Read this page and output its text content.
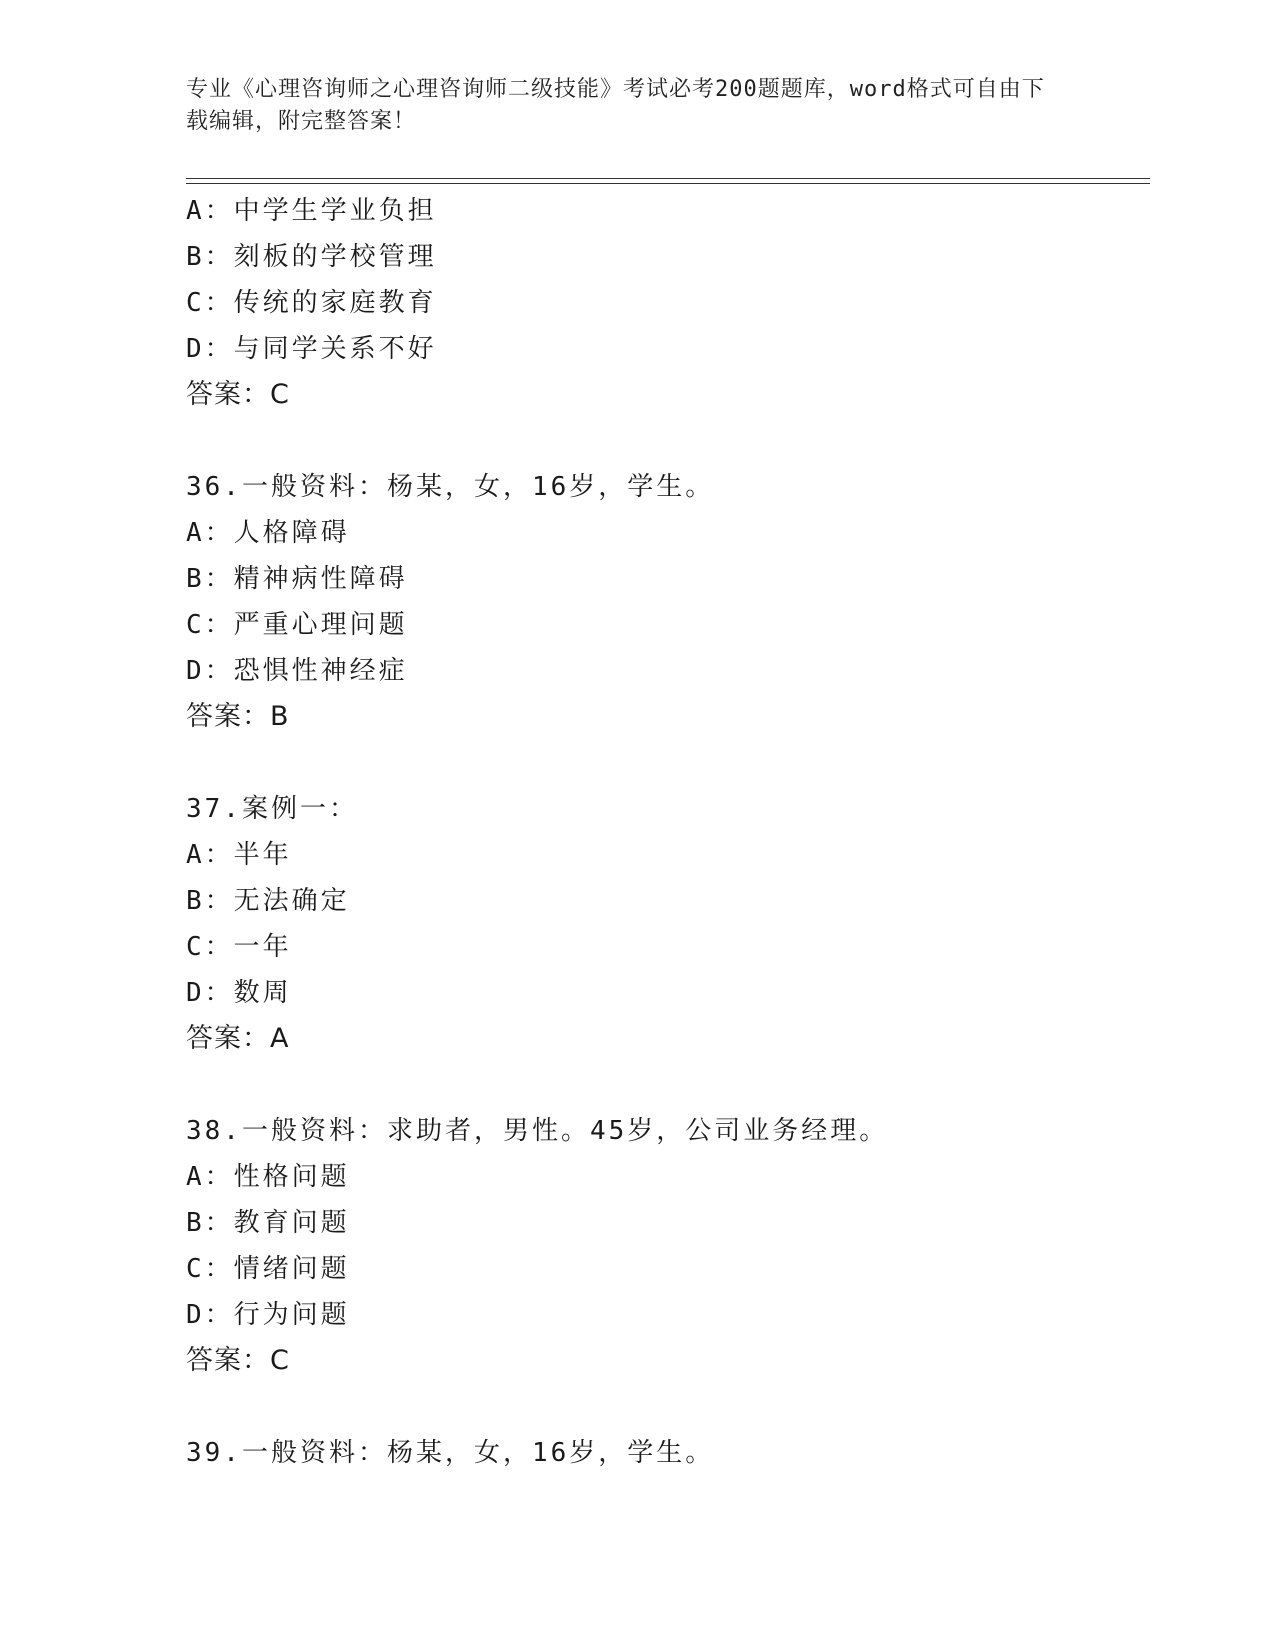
专业《心理咨询师之心理咨询师二级技能》考试必考200题题库，word格式可自由下载编辑，附完整答案！
A：中学生学业负担
B：刻板的学校管理
C：传统的家庭教育
D：与同学关系不好
答案：C
36.一般资料：杨某，女，16岁，学生。
A：人格障碍
B：精神病性障碍
C：严重心理问题
D：恐惧性神经症
答案：B
37.案例一：
A：半年
B：无法确定
C：一年
D：数周
答案：A
38.一般资料：求助者，男性。45岁，公司业务经理。
A：性格问题
B：教育问题
C：情绪问题
D：行为问题
答案：C
39.一般资料：杨某，女，16岁，学生。
